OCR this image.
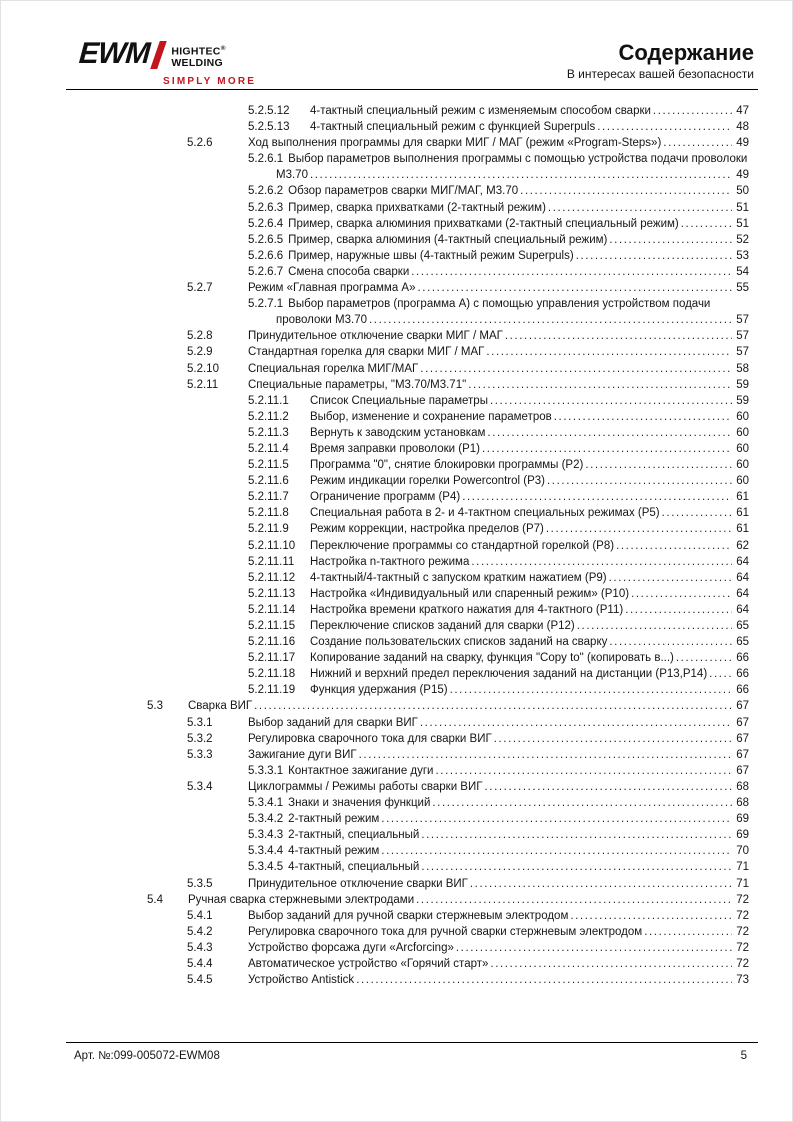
EWM HIGHTEC®
WELDING
SIMPLY MORE
Содержание
В интересах вашей безопасности
5.2.5.12	4-тактный специальный режим с изменяемым способом сварки .....	47
5.2.5.13	4-тактный специальный режим с функцией Superpuls .....	48
5.2.6	Ход выполнения программы для сварки МИГ / МАГ (режим «Program-Steps») .....	49
5.2.6.1 Выбор параметров выполнения программы с помощью устройства подачи проволоки
М3.70 .....	49
5.2.6.2 Обзор параметров сварки МИГ/МАГ, М3.70 .....	50
5.2.6.3 Пример, сварка прихватками (2-тактный режим) .....	51
5.2.6.4 Пример, сварка алюминия прихватками (2-тактный специальный режим) .....	51
5.2.6.5 Пример, сварка алюминия (4-тактный специальный режим) .....	52
5.2.6.6 Пример, наружные швы (4-тактный режим Superpuls) .....	53
5.2.6.7 Смена способа сварки .....	54
5.2.7	Режим «Главная программа А» .....	55
5.2.7.1 Выбор параметров (программа А) с помощью управления устройством подачи
проволоки М3.70 .....	57
5.2.8	Принудительное отключение сварки МИГ / МАГ .....	57
5.2.9	Стандартная горелка для сварки МИГ / МАГ .....	57
5.2.10	Специальная горелка МИГ/МАГ .....	58
5.2.11	Специальные параметры, "М3.70/М3.71" .....	59
5.2.11.1	Список Специальные параметры .....	59
5.2.11.2	Выбор, изменение и сохранение параметров .....	60
5.2.11.3	Вернуть к заводским установкам .....	60
5.2.11.4	Время заправки проволоки (P1) .....	60
5.2.11.5	Программа "0", снятие блокировки программы (P2) .....	60
5.2.11.6	Режим индикации горелки Powercontrol (P3) .....	60
5.2.11.7	Ограничение программ (P4) .....	61
5.2.11.8	Специальная работа в 2- и 4-тактном специальных режимах (P5) .....	61
5.2.11.9	Режим коррекции, настройка пределов (P7) .....	61
5.2.11.10	Переключение программы со стандартной горелкой (P8) .....	62
5.2.11.11	Настройка n-тактного режима .....	64
5.2.11.12	4-тактный/4-тактный с запуском кратким нажатием (P9) .....	64
5.2.11.13	Настройка «Индивидуальный или спаренный режим» (P10) .....	64
5.2.11.14	Настройка времени краткого нажатия для 4-тактного (P11) .....	64
5.2.11.15	Переключение списков заданий для сварки (P12) .....	65
5.2.11.16	Создание пользовательских списков заданий на сварку .....	65
5.2.11.17	Копирование заданий на сварку, функция "Copy to" (копировать в...) .....	66
5.2.11.18	Нижний и верхний предел переключения заданий на дистанции (P13,P14) .....	66
5.2.11.19	Функция удержания (P15) .....	66
5.3	Сварка ВИГ .....	67
5.3.1	Выбор заданий для сварки ВИГ .....	67
5.3.2	Регулировка сварочного тока для сварки ВИГ .....	67
5.3.3	Зажигание дуги ВИГ .....	67
5.3.3.1 Контактное зажигание дуги .....	67
5.3.4	Циклограммы / Режимы работы сварки ВИГ .....	68
5.3.4.1 Знаки и значения функций .....	68
5.3.4.2 2-тактный режим .....	69
5.3.4.3 2-тактный, специальный .....	69
5.3.4.4 4-тактный режим .....	70
5.3.4.5 4-тактный, специальный .....	71
5.3.5	Принудительное отключение сварки ВИГ .....	71
5.4	Ручная сварка стержневыми электродами .....	72
5.4.1	Выбор заданий для ручной сварки стержневым электродом .....	72
5.4.2	Регулировка сварочного тока для ручной сварки стержневым электродом .....	72
5.4.3	Устройство форсажа дуги «Arcforcing» .....	72
5.4.4	Автоматическое устройство «Горячий старт» .....	72
5.4.5	Устройство Antistick .....	73
Арт. №:099-005072-EWM08	5
